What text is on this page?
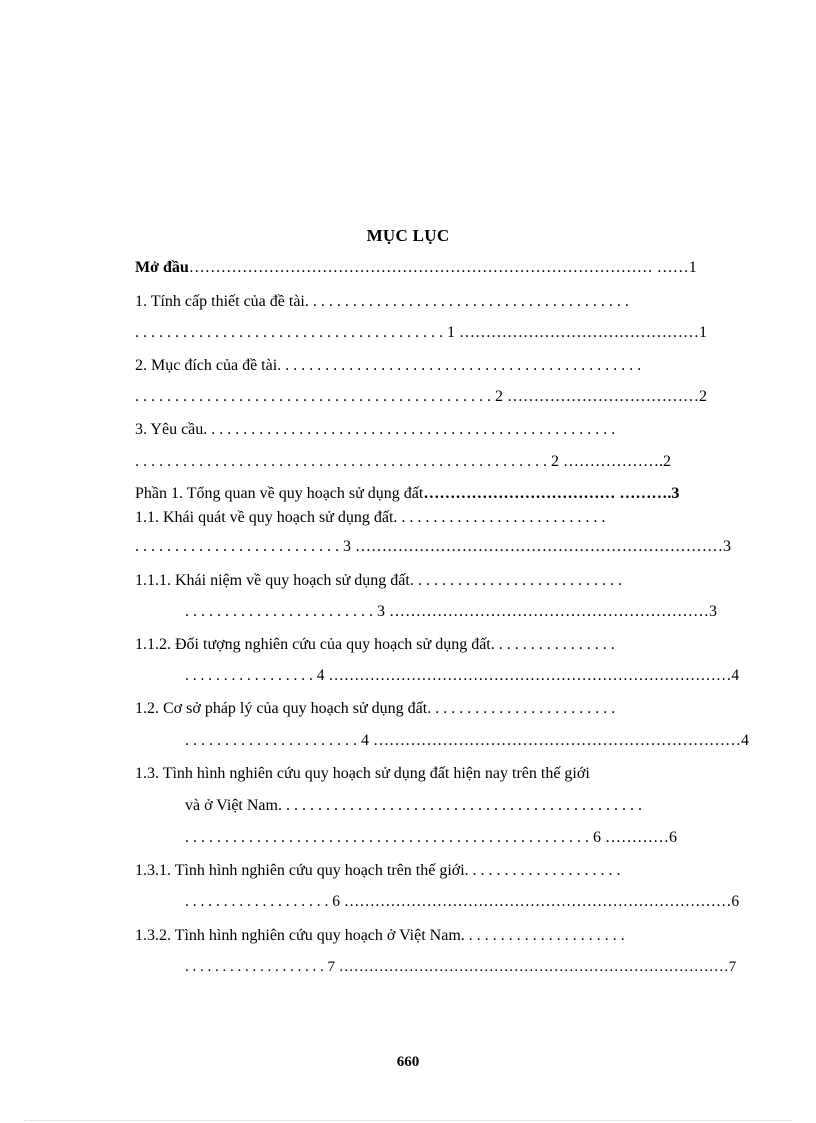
MỤC LỤC
Mở đầu…………………………………………………………………………… ……1
1. Tính cấp thiết của đề tài. . . . . . . . . . . . . . . . . . . . . . . . . . . . . . . . . . . . . . . . .
. . . . . . . . . . . . . . . . . . . . . . . . . . . . . . . . . . . . . . . 1 ………………………………………1
2. Mục đích của đề tài. . . . . . . . . . . . . . . . . . . . . . . . . . . . . . . . . . . . . . . . . . . . . .
. . . . . . . . . . . . . . . . . . . . . . . . . . . . . . . . . . . . . . . . . . . . . 2 ………………………………2
3. Yêu cầu. . . . . . . . . . . . . . . . . . . . . . . . . . . . . . . . . . . . . . . . . . . . . . . . . . . .
. . . . . . . . . . . . . . . . . . . . . . . . . . . . . . . . . . . . . . . . . . . . . . . . . . . . 2 ……………….2
Phần 1. Tổng quan về quy hoạch sử dụng đất……………………………… ……….3
1.1. Khái quát về quy hoạch sử dụng đất. . . . . . . . . . . . . . . . . . . . . . . . . . .
. . . . . . . . . . . . . . . . . . . . . . . . . . 3 ……………………………………………………………3
1.1.1. Khái niệm về quy hoạch sử dụng đất. . . . . . . . . . . . . . . . . . . . . . . . . . .
. . . . . . . . . . . . . . . . . . . . . . . . 3 ……………………………………………………3
1.1.2. Đối tượng nghiên cứu của quy hoạch sử dụng đất. . . . . . . . . . . . . . . .
. . . . . . . . . . . . . . . . . 4 ……………………………………………………………………4
1.2. Cơ sở pháp lý của quy hoạch sử dụng đất. . . . . . . . . . . . . . . . . . . . . . . .
. . . . . . . . . . . . . . . . . . . . . . 4 ……………………………………………………………4
1.3. Tình hình nghiên cứu quy hoạch sử dụng đất hiện nay trên thế giới
và ở Việt Nam. . . . . . . . . . . . . . . . . . . . . . . . . . . . . . . . . . . . . . . . . . . . . .
. . . . . . . . . . . . . . . . . . . . . . . . . . . . . . . . . . . . . . . . . . . . . . . . . . . 6 …………6
1.3.1. Tình hình nghiên cứu quy hoạch trên thế giới. . . . . . . . . . . . . . . . . . . .
. . . . . . . . . . . . . . . . . . . 6 …………………………………………………………………6
1.3.2. Tình hình nghiên cứu quy hoạch ở Việt Nam. . . . . . . . . . . . . . . . . . . . .
. . . . . . . . . . . . . . . . . . . 7 ……………………………………………………………………7
660
